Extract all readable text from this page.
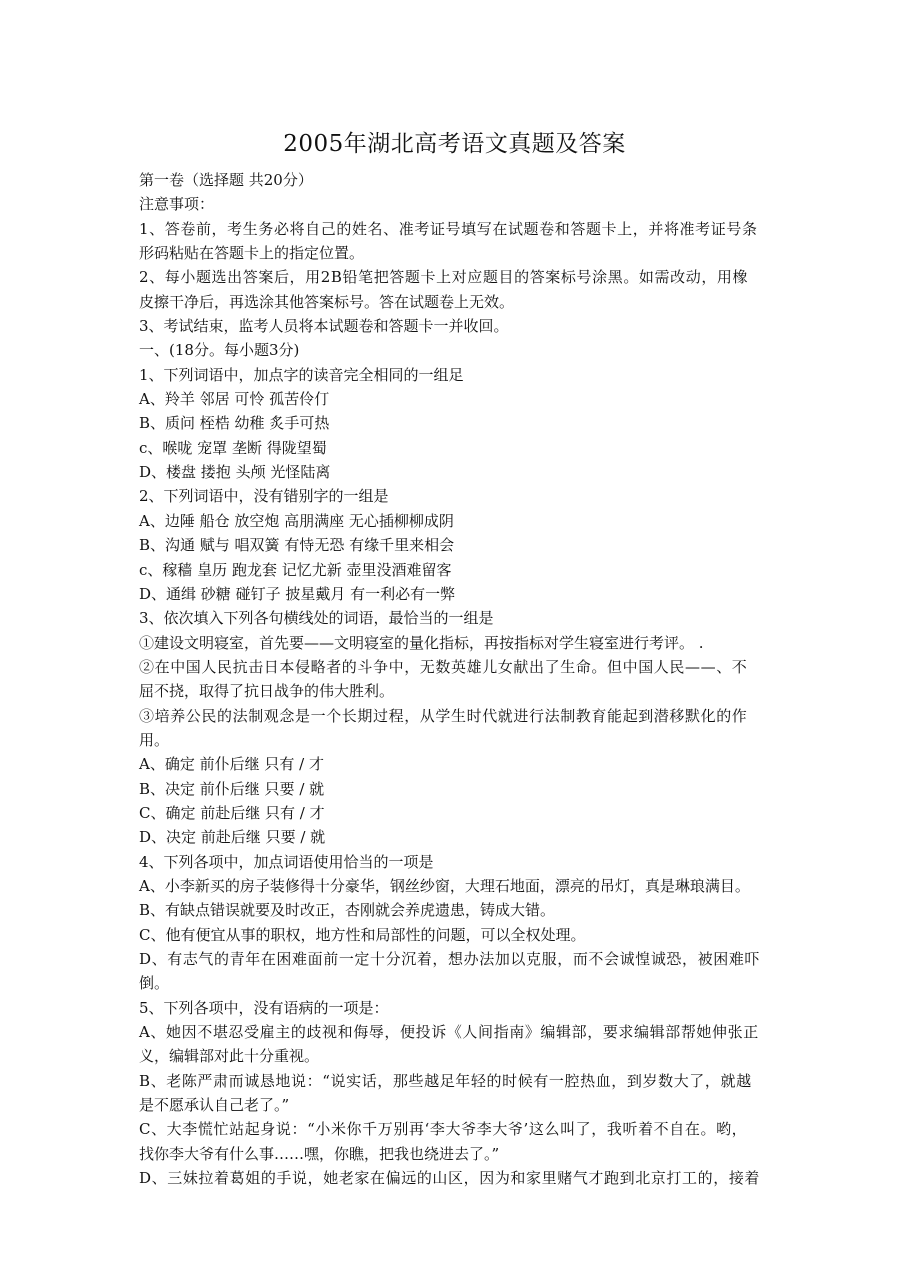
2005年湖北高考语文真题及答案
第一卷（选择题 共20分）
注意事项：
1、答卷前，考生务必将自己的姓名、准考证号填写在试题卷和答题卡上，并将准考证号条
形码粘贴在答题卡上的指定位置。
2、每小题选出答案后，用2B铅笔把答题卡上对应题目的答案标号涂黑。如需改动，用橡
皮擦干净后，再选涂其他答案标号。答在试题卷上无效。
3、考试结束，监考人员将本试题卷和答题卡一并收回。
一、(18分。每小题3分)
1、下列词语中，加点字的读音完全相同的一组足
A、羚羊 邻居 可怜 孤苦伶仃
B、质问 桎梏 幼稚 炙手可热
c、喉咙 宠罩 垄断 得陇望蜀
D、楼盘 搂抱 头颅 光怪陆离
2、下列词语中，没有错别字的一组是
A、边陲 船仓 放空炮 高朋满座 无心插柳柳成阴
B、沟通 赋与 唱双簧 有恃无恐 有缘千里来相会
c、稼穑 皇历 跑龙套 记忆尤新 壶里没酒难留客
D、通缉 砂糖 碰钉子 披星戴月 有一利必有一弊
3、依次填入下列各句横线处的词语，最恰当的一组是
①建设文明寝室，首先要——文明寝室的量化指标，再按指标对学生寝室进行考评。 .
②在中国人民抗击日本侵略者的斗争中，无数英雄儿女献出了生命。但中国人民——、不
屈不挠，取得了抗日战争的伟大胜利。
③培养公民的法制观念是一个长期过程，从学生时代就进行法制教育能起到潜移默化的作
用。
A、确定 前仆后继 只有 / 才
B、决定 前仆后继 只要 / 就
C、确定 前赴后继 只有 / 才
D、决定 前赴后继 只要 / 就
4、下列各项中，加点词语使用恰当的一项是
A、小李新买的房子装修得十分豪华，钢丝纱窗，大理石地面，漂亮的吊灯，真是琳琅满目。
B、有缺点错误就要及时改正，杏刚就会养虎遗患，铸成大错。
C、他有便宜从事的职权，地方性和局部性的问题，可以全权处理。
D、有志气的青年在困难面前一定十分沉着，想办法加以克服，而不会诚惶诚恐，被困难吓
倒。
5、下列各项中，没有语病的一项是：
A、她因不堪忍受雇主的歧视和侮辱，便投诉《人间指南》编辑部，要求编辑部帮她伸张正
义，编辑部对此十分重视。
B、老陈严肃而诚恳地说：“说实话，那些越足年轻的时候有一腔热血，到岁数大了，就越
是不愿承认自己老了。”
C、大李慌忙站起身说：“小米你千万别再‘李大爷李大爷’这么叫了，我听着不自在。哟，
找你李大爷有什么事……嘿，你瞧，把我也绕进去了。”
D、三妹拉着葛姐的手说，她老家在偏远的山区，因为和家里赌气才跑到北京打工的，接着
